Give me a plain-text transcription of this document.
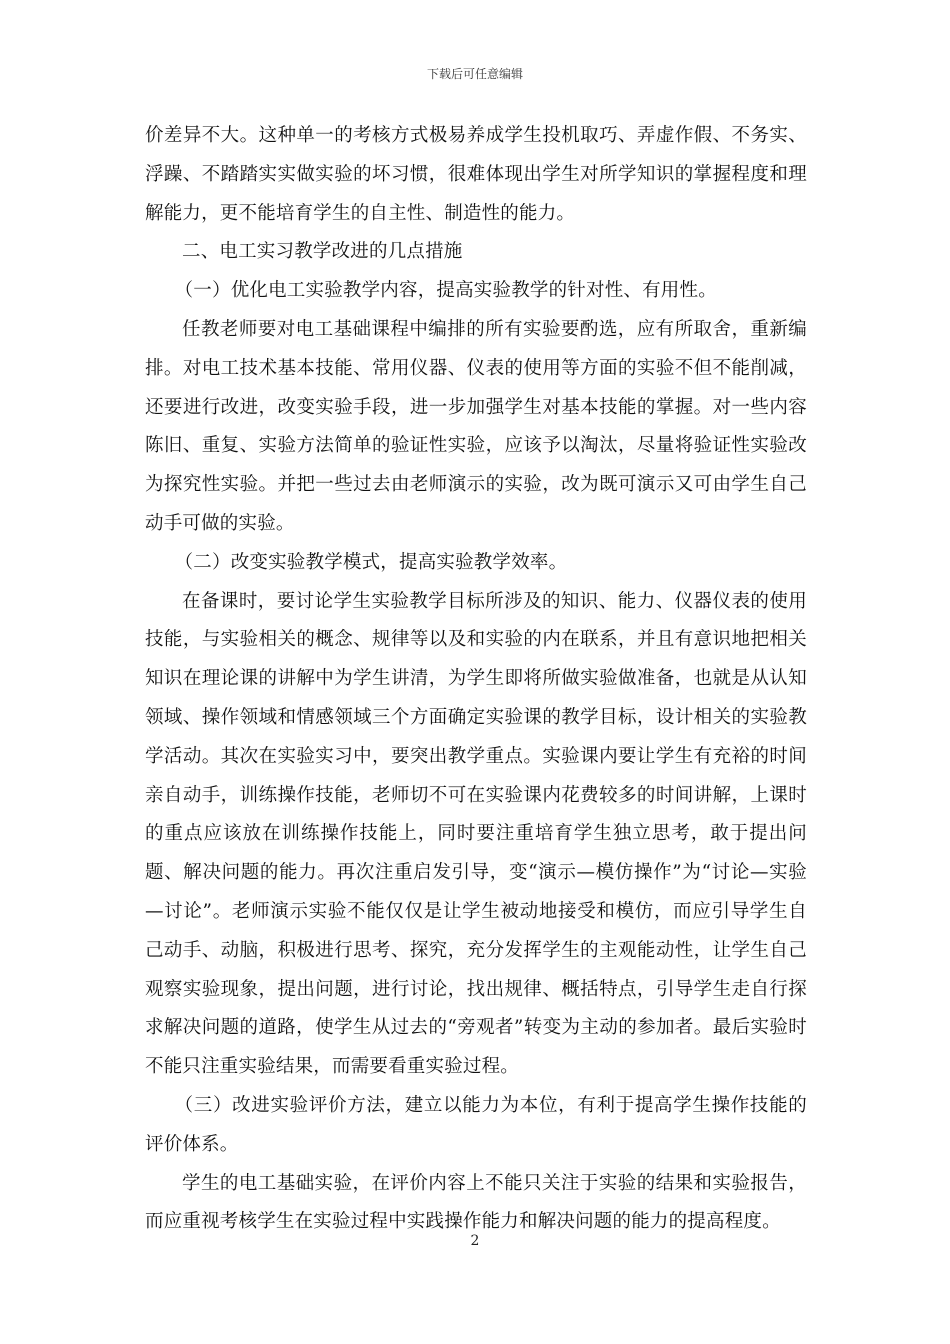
下载后可任意编辑

价差异不大。这种单一的考核方式极易养成学生投机取巧、弄虚作假、不务实、浮躁、不踏踏实实做实验的坏习惯，很难体现出学生对所学知识的掌握程度和理解能力，更不能培育学生的自主性、制造性的能力。

二、电工实习教学改进的几点措施

（一）优化电工实验教学内容，提高实验教学的针对性、有用性。

任教老师要对电工基础课程中编排的所有实验要酌选，应有所取舍，重新编排。对电工技术基本技能、常用仪器、仪表的使用等方面的实验不但不能削减，还要进行改进，改变实验手段，进一步加强学生对基本技能的掌握。对一些内容陈旧、重复、实验方法简单的验证性实验，应该予以淘汰，尽量将验证性实验改为探究性实验。并把一些过去由老师演示的实验，改为既可演示又可由学生自己动手可做的实验。

（二）改变实验教学模式，提高实验教学效率。

在备课时，要讨论学生实验教学目标所涉及的知识、能力、仪器仪表的使用技能，与实验相关的概念、规律等以及和实验的内在联系，并且有意识地把相关知识在理论课的讲解中为学生讲清，为学生即将所做实验做准备，也就是从认知领域、操作领域和情感领域三个方面确定实验课的教学目标，设计相关的实验教学活动。其次在实验实习中，要突出教学重点。实验课内要让学生有充裕的时间亲自动手，训练操作技能，老师切不可在实验课内花费较多的时间讲解，上课时的重点应该放在训练操作技能上，同时要注重培育学生独立思考，敢于提出问题、解决问题的能力。再次注重启发引导，变“演示—模仿操作”为“讨论—实验—讨论”。老师演示实验不能仅仅是让学生被动地接受和模仿，而应引导学生自己动手、动脑，积极进行思考、探究，充分发挥学生的主观能动性，让学生自己观察实验现象，提出问题，进行讨论，找出规律、概括特点，引导学生走自行探求解决问题的道路，使学生从过去的“旁观者”转变为主动的参加者。最后实验时不能只注重实验结果，而需要看重实验过程。

（三）改进实验评价方法，建立以能力为本位，有利于提高学生操作技能的评价体系。

学生的电工基础实验，在评价内容上不能只关注于实验的结果和实验报告，而应重视考核学生在实验过程中实践操作能力和解决问题的能力的提高程度。

2
